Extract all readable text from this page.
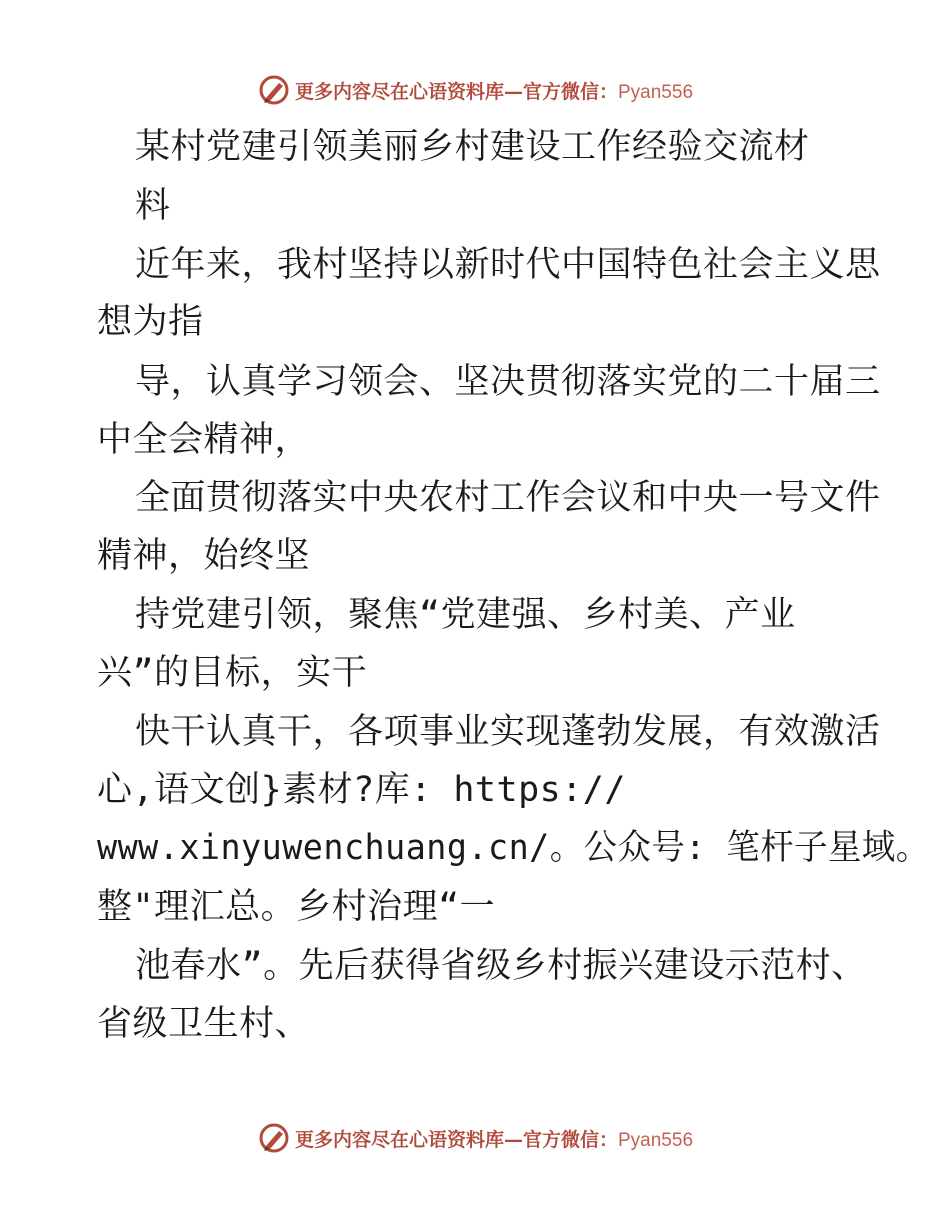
更多内容尽在心语资料库—官方微信：Pyan556
某村党建引领美丽乡村建设工作经验交流材
料
近年来，我村坚持以新时代中国特色社会主义思
想为指
导，认真学习领会、坚决贯彻落实党的二十届三
中全会精神，
全面贯彻落实中央农村工作会议和中央一号文件
精神，始终坚
持党建引领，聚焦“党建强、乡村美、产业
兴”的目标，实干
快干认真干，各项事业实现蓬勃发展，有效激活
心,语文创}素材?库: https://
www.xinyuwenchuang.cn/。公众号: 笔杆子星域。
整"理汇总。乡村治理“一
池春水”。先后获得省级乡村振兴建设示范村、
省级卫生村、
更多内容尽在心语资料库—官方微信：Pyan556
